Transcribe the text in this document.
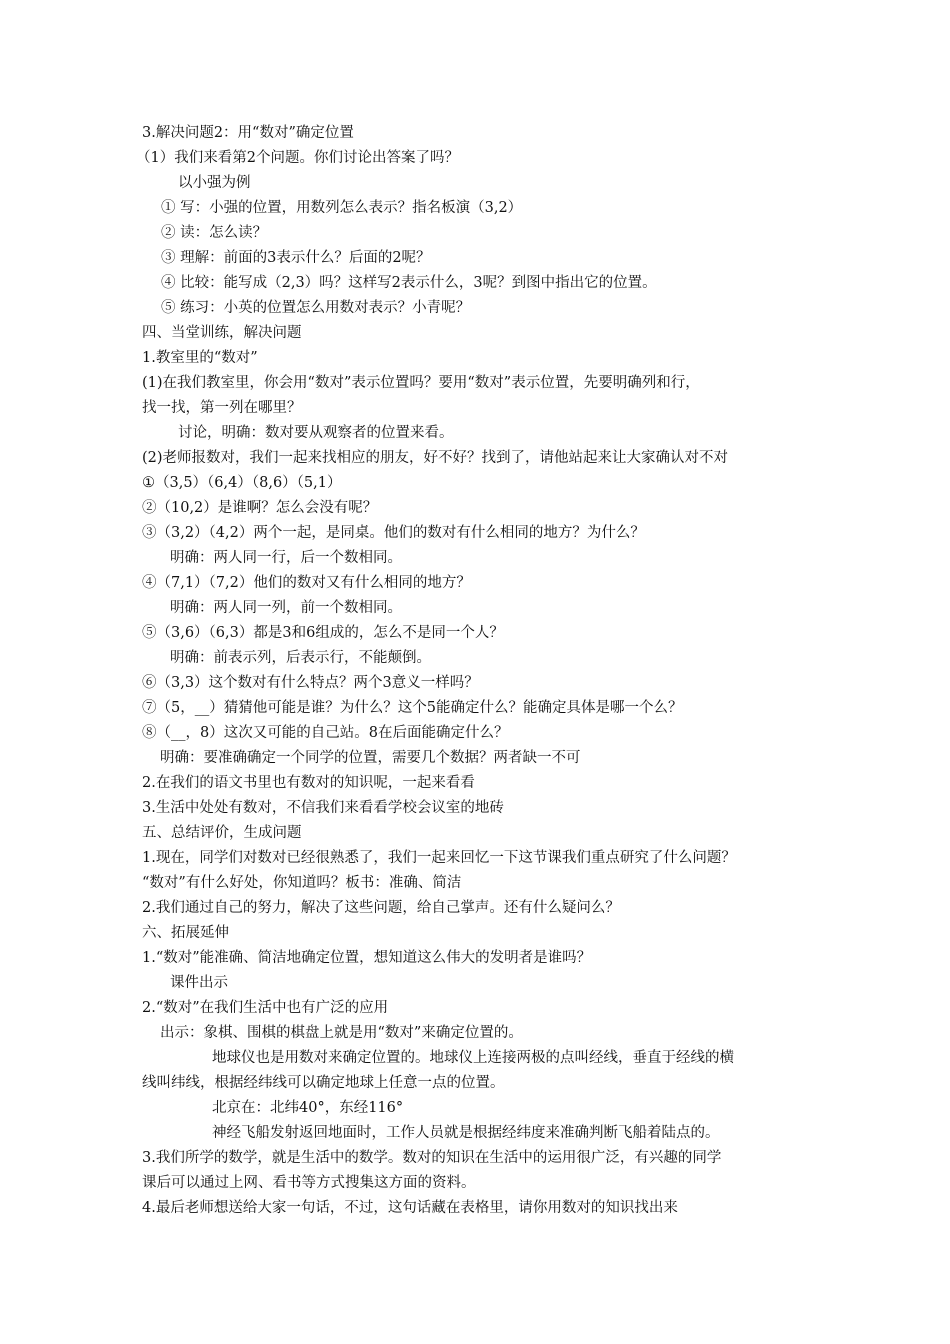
3.解决问题2：用“数对”确定位置
（1）我们来看第2个问题。你们讨论出答案了吗？
以小强为例
① 写：小强的位置，用数列怎么表示？指名板演（3,2）
② 读：怎么读？
③ 理解：前面的3表示什么？后面的2呢？
④ 比较：能写成（2,3）吗？这样写2表示什么，3呢？到图中指出它的位置。
⑤ 练习：小英的位置怎么用数对表示？小青呢？
四、当堂训练，解决问题
1.教室里的“数对”
(1)在我们教室里，你会用“数对”表示位置吗？要用“数对”表示位置，先要明确列和行，
找一找，第一列在哪里？
讨论，明确：数对要从观察者的位置来看。
(2)老师报数对，我们一起来找相应的朋友，好不好？找到了，请他站起来让大家确认对不对
①（3,5）（6,4）（8,6）（5,1）
②（10,2）是谁啊？怎么会没有呢？
③（3,2）（4,2）两个一起，是同桌。他们的数对有什么相同的地方？为什么？
明确：两人同一行，后一个数相同。
④（7,1）（7,2）他们的数对又有什么相同的地方？
明确：两人同一列，前一个数相同。
⑤（3,6）（6,3）都是3和6组成的，怎么不是同一个人？
明确：前表示列，后表示行，不能颠倒。
⑥（3,3）这个数对有什么特点？两个3意义一样吗？
⑦（5，__）猜猜他可能是谁？为什么？这个5能确定什么？能确定具体是哪一个么？
⑧（__，8）这次又可能的自己站。8在后面能确定什么？
明确：要准确确定一个同学的位置，需要几个数据？两者缺一不可
2.在我们的语文书里也有数对的知识呢，一起来看看
3.生活中处处有数对，不信我们来看看学校会议室的地砖
五、总结评价，生成问题
1.现在，同学们对数对已经很熟悉了，我们一起来回忆一下这节课我们重点研究了什么问题？
“数对”有什么好处，你知道吗？板书：准确、简洁
2.我们通过自己的努力，解决了这些问题，给自己掌声。还有什么疑问么？
六、拓展延伸
1.“数对”能准确、简洁地确定位置，想知道这么伟大的发明者是谁吗？
课件出示
2.“数对”在我们生活中也有广泛的应用
出示：象棋、围棋的棋盘上就是用“数对”来确定位置的。
地球仪也是用数对来确定位置的。地球仪上连接两极的点叫经线，垂直于经线的横
线叫纬线，根据经纬线可以确定地球上任意一点的位置。
北京在：北纬40°，东经116°
神经飞船发射返回地面时，工作人员就是根据经纬度来准确判断飞船着陆点的。
3.我们所学的数学，就是生活中的数学。数对的知识在生活中的运用很广泛，有兴趣的同学
课后可以通过上网、看书等方式搜集这方面的资料。
4.最后老师想送给大家一句话，不过，这句话藏在表格里，请你用数对的知识找出来
